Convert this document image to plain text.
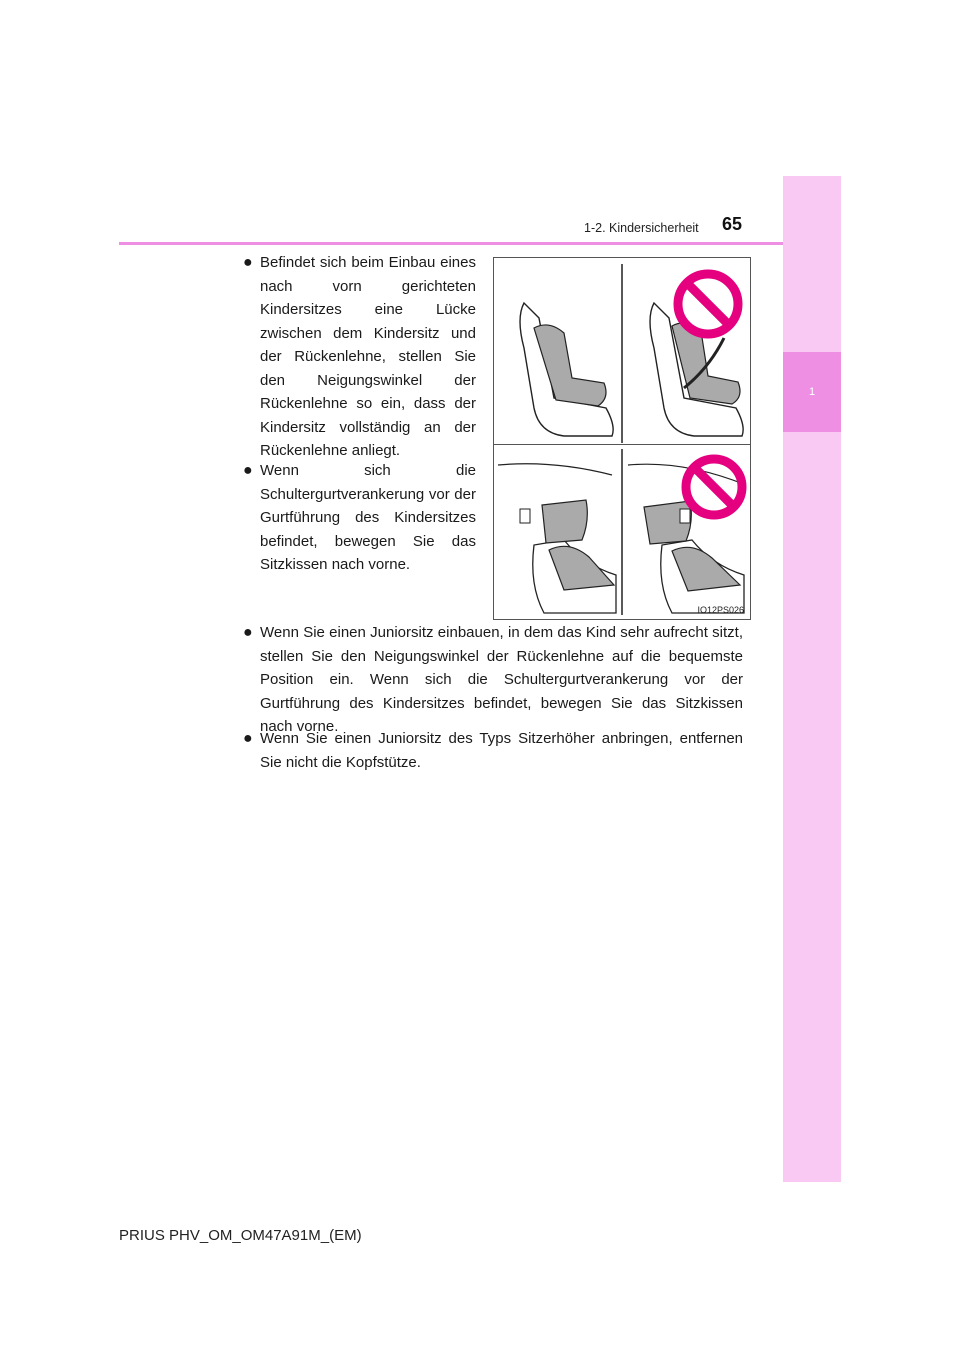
1
1-2. Kindersicherheit 65
● Befindet sich beim Einbau eines nach vorn gerichteten Kindersitzes eine Lücke zwischen dem Kindersitz und der Rückenlehne, stellen Sie den Neigungswinkel der Rückenlehne so ein, dass der Kindersitz vollständig an der Rückenlehne anliegt.
● Wenn sich die Schultergurtverankerung vor der Gurtführung des Kindersitzes befindet, bewegen Sie das Sitzkissen nach vorne.
IO12PS026
● Wenn Sie einen Juniorsitz einbauen, in dem das Kind sehr aufrecht sitzt, stellen Sie den Neigungswinkel der Rückenlehne auf die bequemste Position ein. Wenn sich die Schultergurtverankerung vor der Gurtführung des Kindersitzes befindet, bewegen Sie das Sitzkissen nach vorne.
● Wenn Sie einen Juniorsitz des Typs Sitzerhöher anbringen, entfernen Sie nicht die Kopfstütze.
PRIUS PHV_OM_OM47A91M_(EM)
